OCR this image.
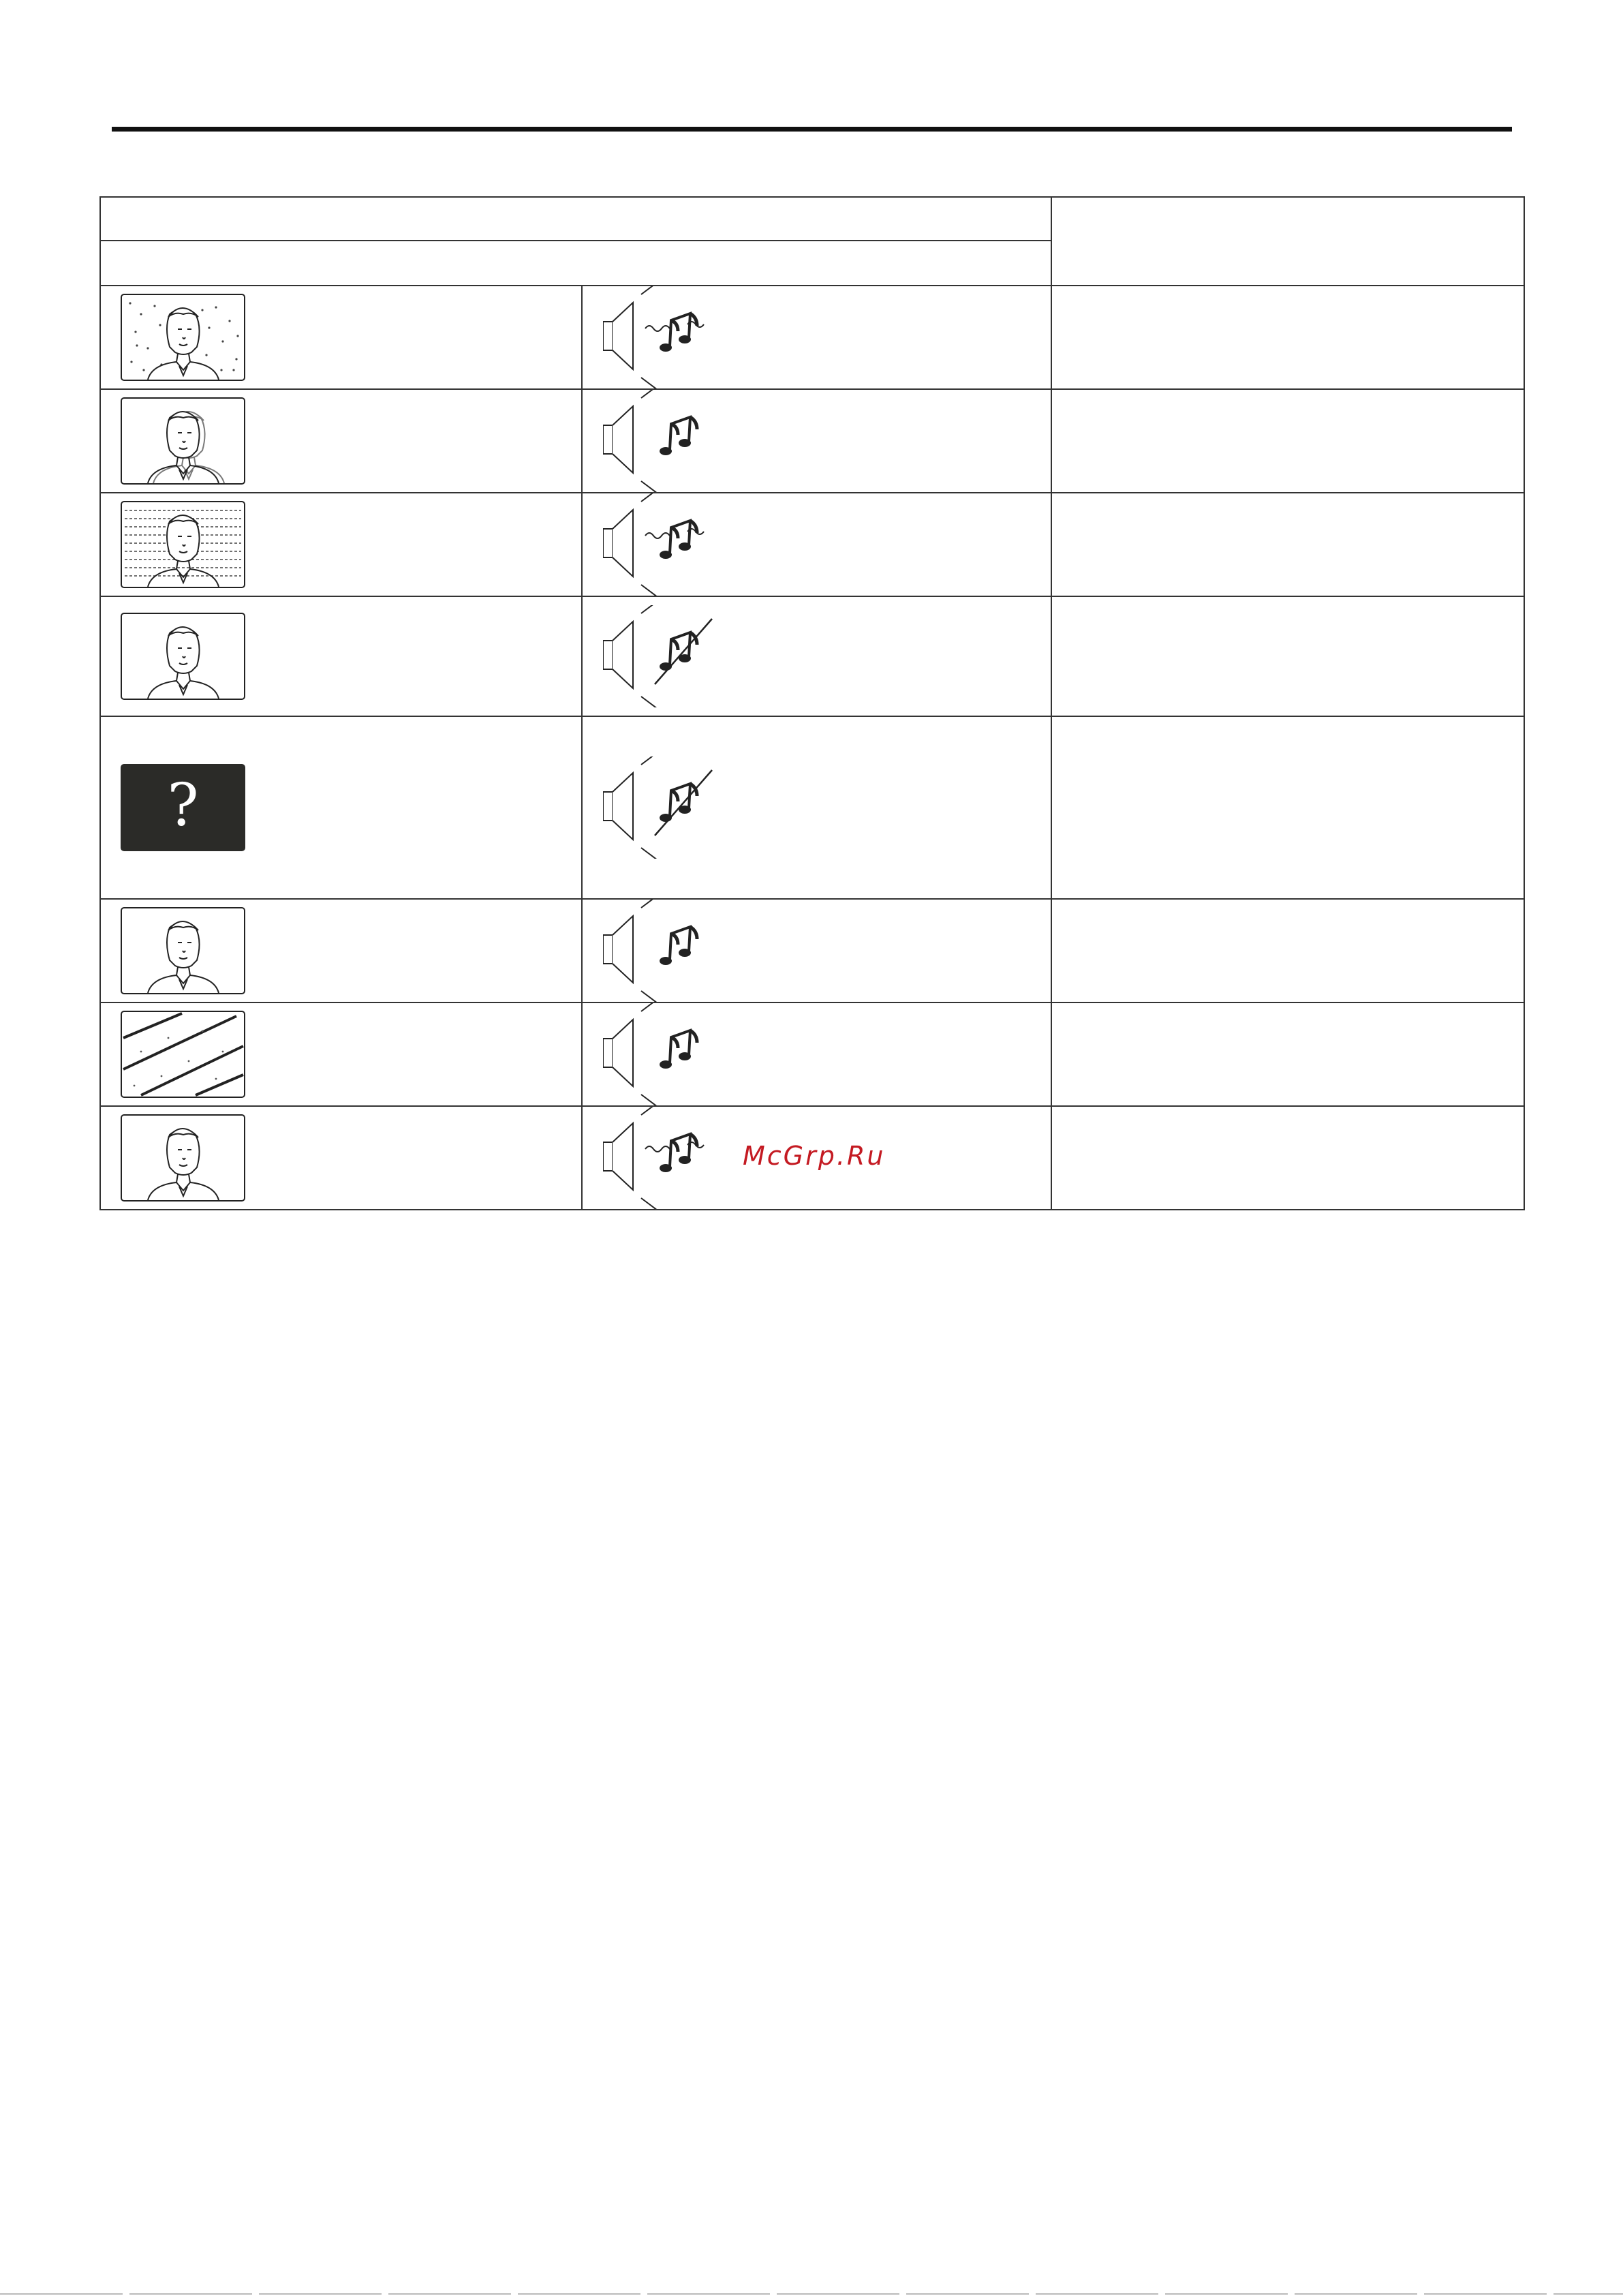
?

McGrp.Ru	
